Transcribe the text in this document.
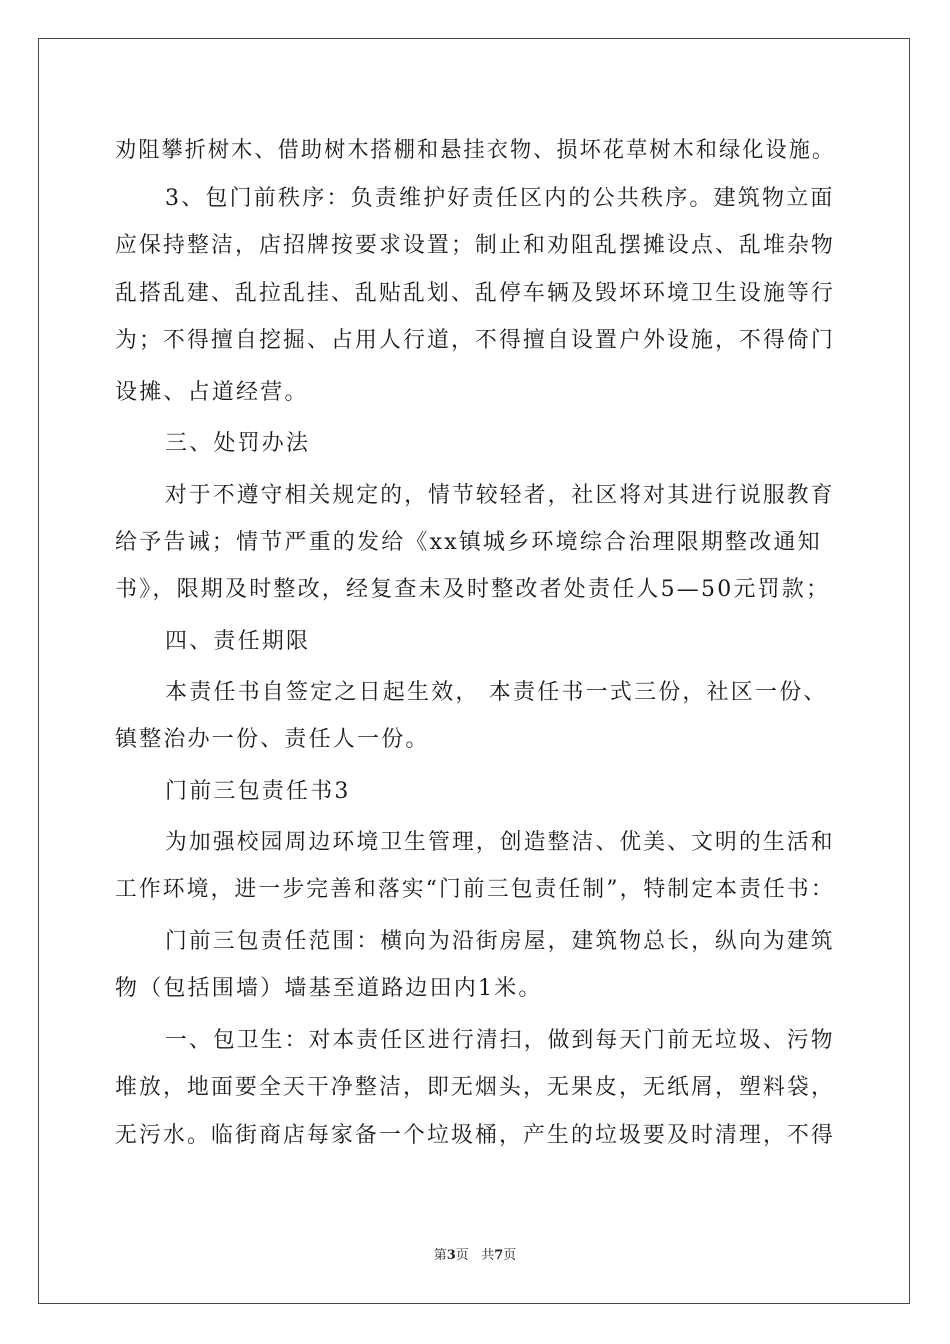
劝阻攀折树木、借助树木搭棚和悬挂衣物、损坏花草树木和绿化设施。
3、包门前秩序：负责维护好责任区内的公共秩序。建筑物立面
应保持整洁，店招牌按要求设置；制止和劝阻乱摆摊设点、乱堆杂物
乱搭乱建、乱拉乱挂、乱贴乱划、乱停车辆及毁坏环境卫生设施等行
为；不得擅自挖掘、占用人行道，不得擅自设置户外设施，不得倚门
设摊、占道经营。
三、处罚办法
对于不遵守相关规定的，情节较轻者，社区将对其进行说服教育
给予告诫；情节严重的发给《xx镇城乡环境综合治理限期整改通知
书》，限期及时整改，经复查未及时整改者处责任人5—50元罚款；
四、责任期限
本责任书自签定之日起生效， 本责任书一式三份，社区一份、
镇整治办一份、责任人一份。
门前三包责任书3
为加强校园周边环境卫生管理，创造整洁、优美、文明的生活和
工作环境，进一步完善和落实“门前三包责任制”，特制定本责任书：
门前三包责任范围：横向为沿街房屋，建筑物总长，纵向为建筑
物（包括围墙）墙基至道路边田内1米。
一、包卫生：对本责任区进行清扫，做到每天门前无垃圾、污物
堆放，地面要全天干净整洁，即无烟头，无果皮，无纸屑，塑料袋，
无污水。临街商店每家备一个垃圾桶，产生的垃圾要及时清理，不得
第3页 共7页
